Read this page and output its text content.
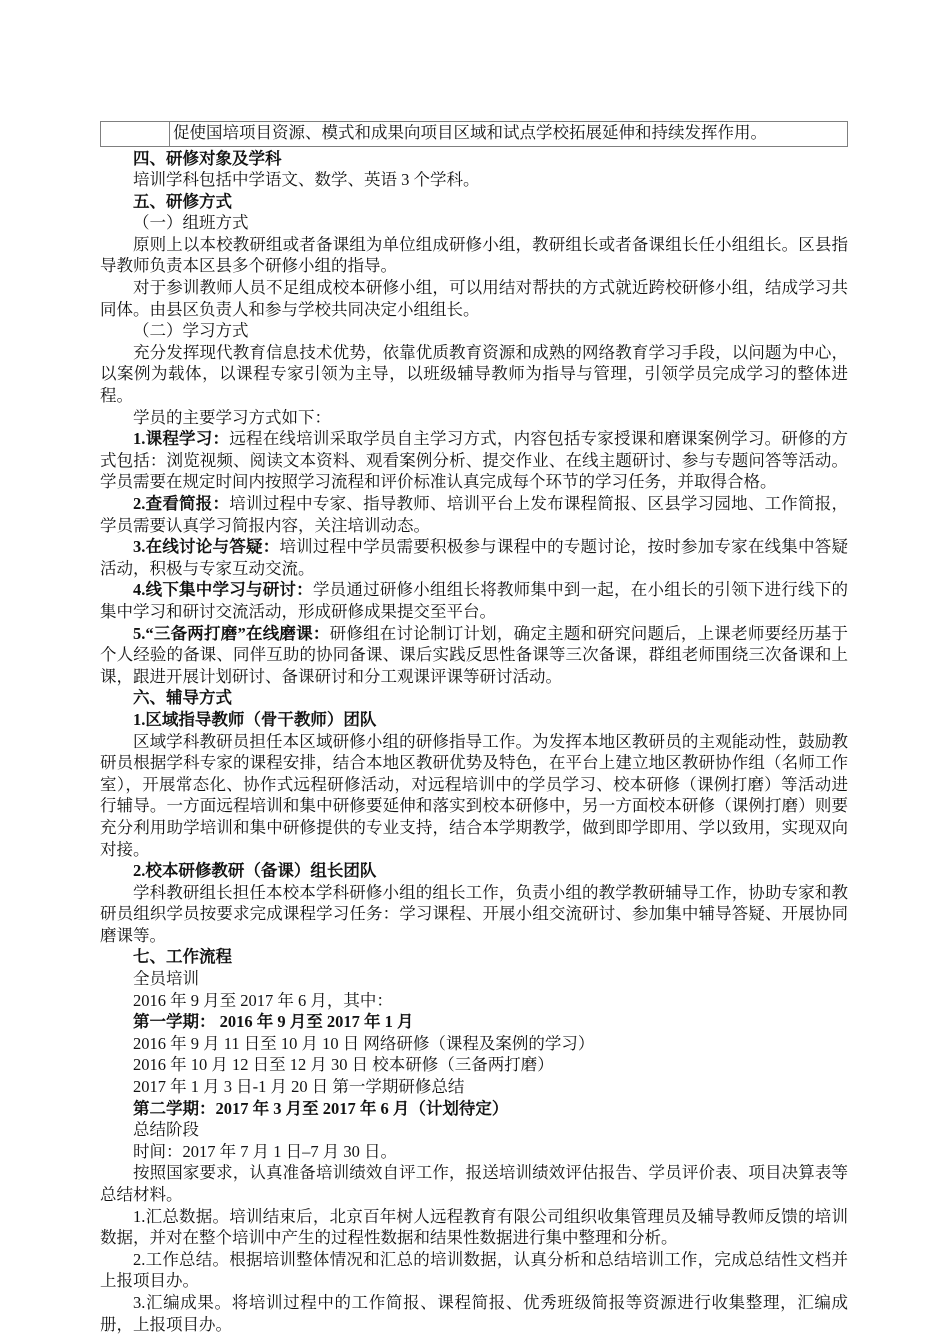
	促使国培项目资源、模式和成果向项目区域和试点学校拓展延伸和持续发挥作用。

四、研修对象及学科

培训学科包括中学语文、数学、英语 3 个学科。

五、研修方式

（一）组班方式

原则上以本校教研组或者备课组为单位组成研修小组，教研组长或者备课组长任小组组长。区县指导教师负责本区县多个研修小组的指导。

对于参训教师人员不足组成校本研修小组，可以用结对帮扶的方式就近跨校研修小组，结成学习共同体。由县区负责人和参与学校共同决定小组组长。

（二）学习方式

充分发挥现代教育信息技术优势，依靠优质教育资源和成熟的网络教育学习手段，以问题为中心，以案例为载体，以课程专家引领为主导，以班级辅导教师为指导与管理，引领学员完成学习的整体进程。

学员的主要学习方式如下：

1.课程学习：远程在线培训采取学员自主学习方式，内容包括专家授课和磨课案例学习。研修的方式包括：浏览视频、阅读文本资料、观看案例分析、提交作业、在线主题研讨、参与专题问答等活动。学员需要在规定时间内按照学习流程和评价标准认真完成每个环节的学习任务，并取得合格。

2.查看简报：培训过程中专家、指导教师、培训平台上发布课程简报、区县学习园地、工作简报，学员需要认真学习简报内容，关注培训动态。

3.在线讨论与答疑：培训过程中学员需要积极参与课程中的专题讨论，按时参加专家在线集中答疑活动，积极与专家互动交流。

4.线下集中学习与研讨：学员通过研修小组组长将教师集中到一起，在小组长的引领下进行线下的集中学习和研讨交流活动，形成研修成果提交至平台。

5.“三备两打磨”在线磨课：研修组在讨论制订计划，确定主题和研究问题后，上课老师要经历基于个人经验的备课、同伴互助的协同备课、课后实践反思性备课等三次备课，群组老师围绕三次备课和上课，跟进开展计划研讨、备课研讨和分工观课评课等研讨活动。

六、辅导方式

1.区域指导教师（骨干教师）团队

区域学科教研员担任本区域研修小组的研修指导工作。为发挥本地区教研员的主观能动性，鼓励教研员根据学科专家的课程安排，结合本地区教研优势及特色，在平台上建立地区教研协作组（名师工作室），开展常态化、协作式远程研修活动，对远程培训中的学员学习、校本研修（课例打磨）等活动进行辅导。一方面远程培训和集中研修要延伸和落实到校本研修中，另一方面校本研修（课例打磨）则要充分利用助学培训和集中研修提供的专业支持，结合本学期教学，做到即学即用、学以致用，实现双向对接。

2.校本研修教研（备课）组长团队

学科教研组长担任本校本学科研修小组的组长工作，负责小组的教学教研辅导工作，协助专家和教研员组织学员按要求完成课程学习任务：学习课程、开展小组交流研讨、参加集中辅导答疑、开展协同磨课等。

七、工作流程

全员培训

2016 年 9 月至 2017 年 6 月，其中：

第一学期： 2016 年 9 月至 2017 年 1 月

2016 年 9 月 11 日至 10 月 10 日 网络研修（课程及案例的学习）

2016 年 10 月 12 日至 12 月 30 日 校本研修（三备两打磨）

2017 年 1 月 3 日-1 月 20 日 第一学期研修总结

第二学期：2017 年 3 月至 2017 年 6 月（计划待定）

总结阶段

时间：2017 年 7 月 1 日–7 月 30 日。

按照国家要求，认真准备培训绩效自评工作，报送培训绩效评估报告、学员评价表、项目决算表等总结材料。

1.汇总数据。培训结束后，北京百年树人远程教育有限公司组织收集管理员及辅导教师反馈的培训数据，并对在整个培训中产生的过程性数据和结果性数据进行集中整理和分析。

2.工作总结。根据培训整体情况和汇总的培训数据，认真分析和总结培训工作，完成总结性文档并上报项目办。

3.汇编成果。将培训过程中的工作简报、课程简报、优秀班级简报等资源进行收集整理，汇编成册，上报项目办。
